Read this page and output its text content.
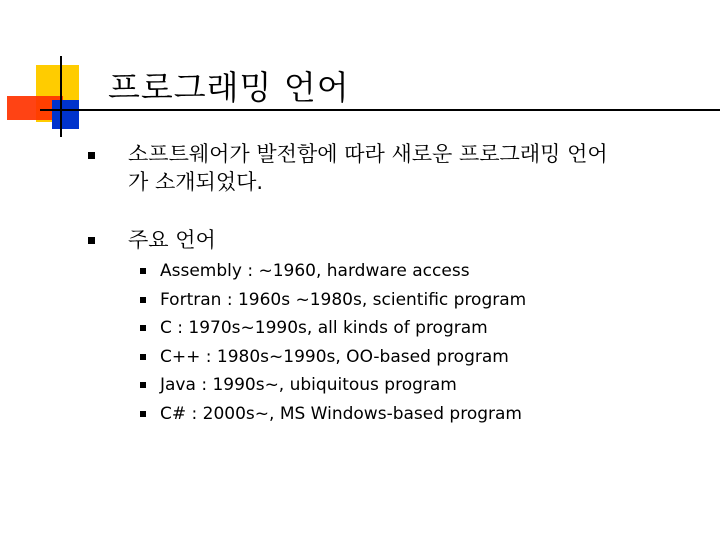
프로그래밍 언어
소프트웨어가 발전함에 따라 새로운 프로그래밍 언어
가 소개되었다.
주요 언어
Assembly : ~1960, hardware access
Fortran : 1960s ~1980s, scientific program
C : 1970s~1990s, all kinds of program
C++ : 1980s~1990s, OO-based program
Java : 1990s~, ubiquitous program
C# : 2000s~, MS Windows-based program
